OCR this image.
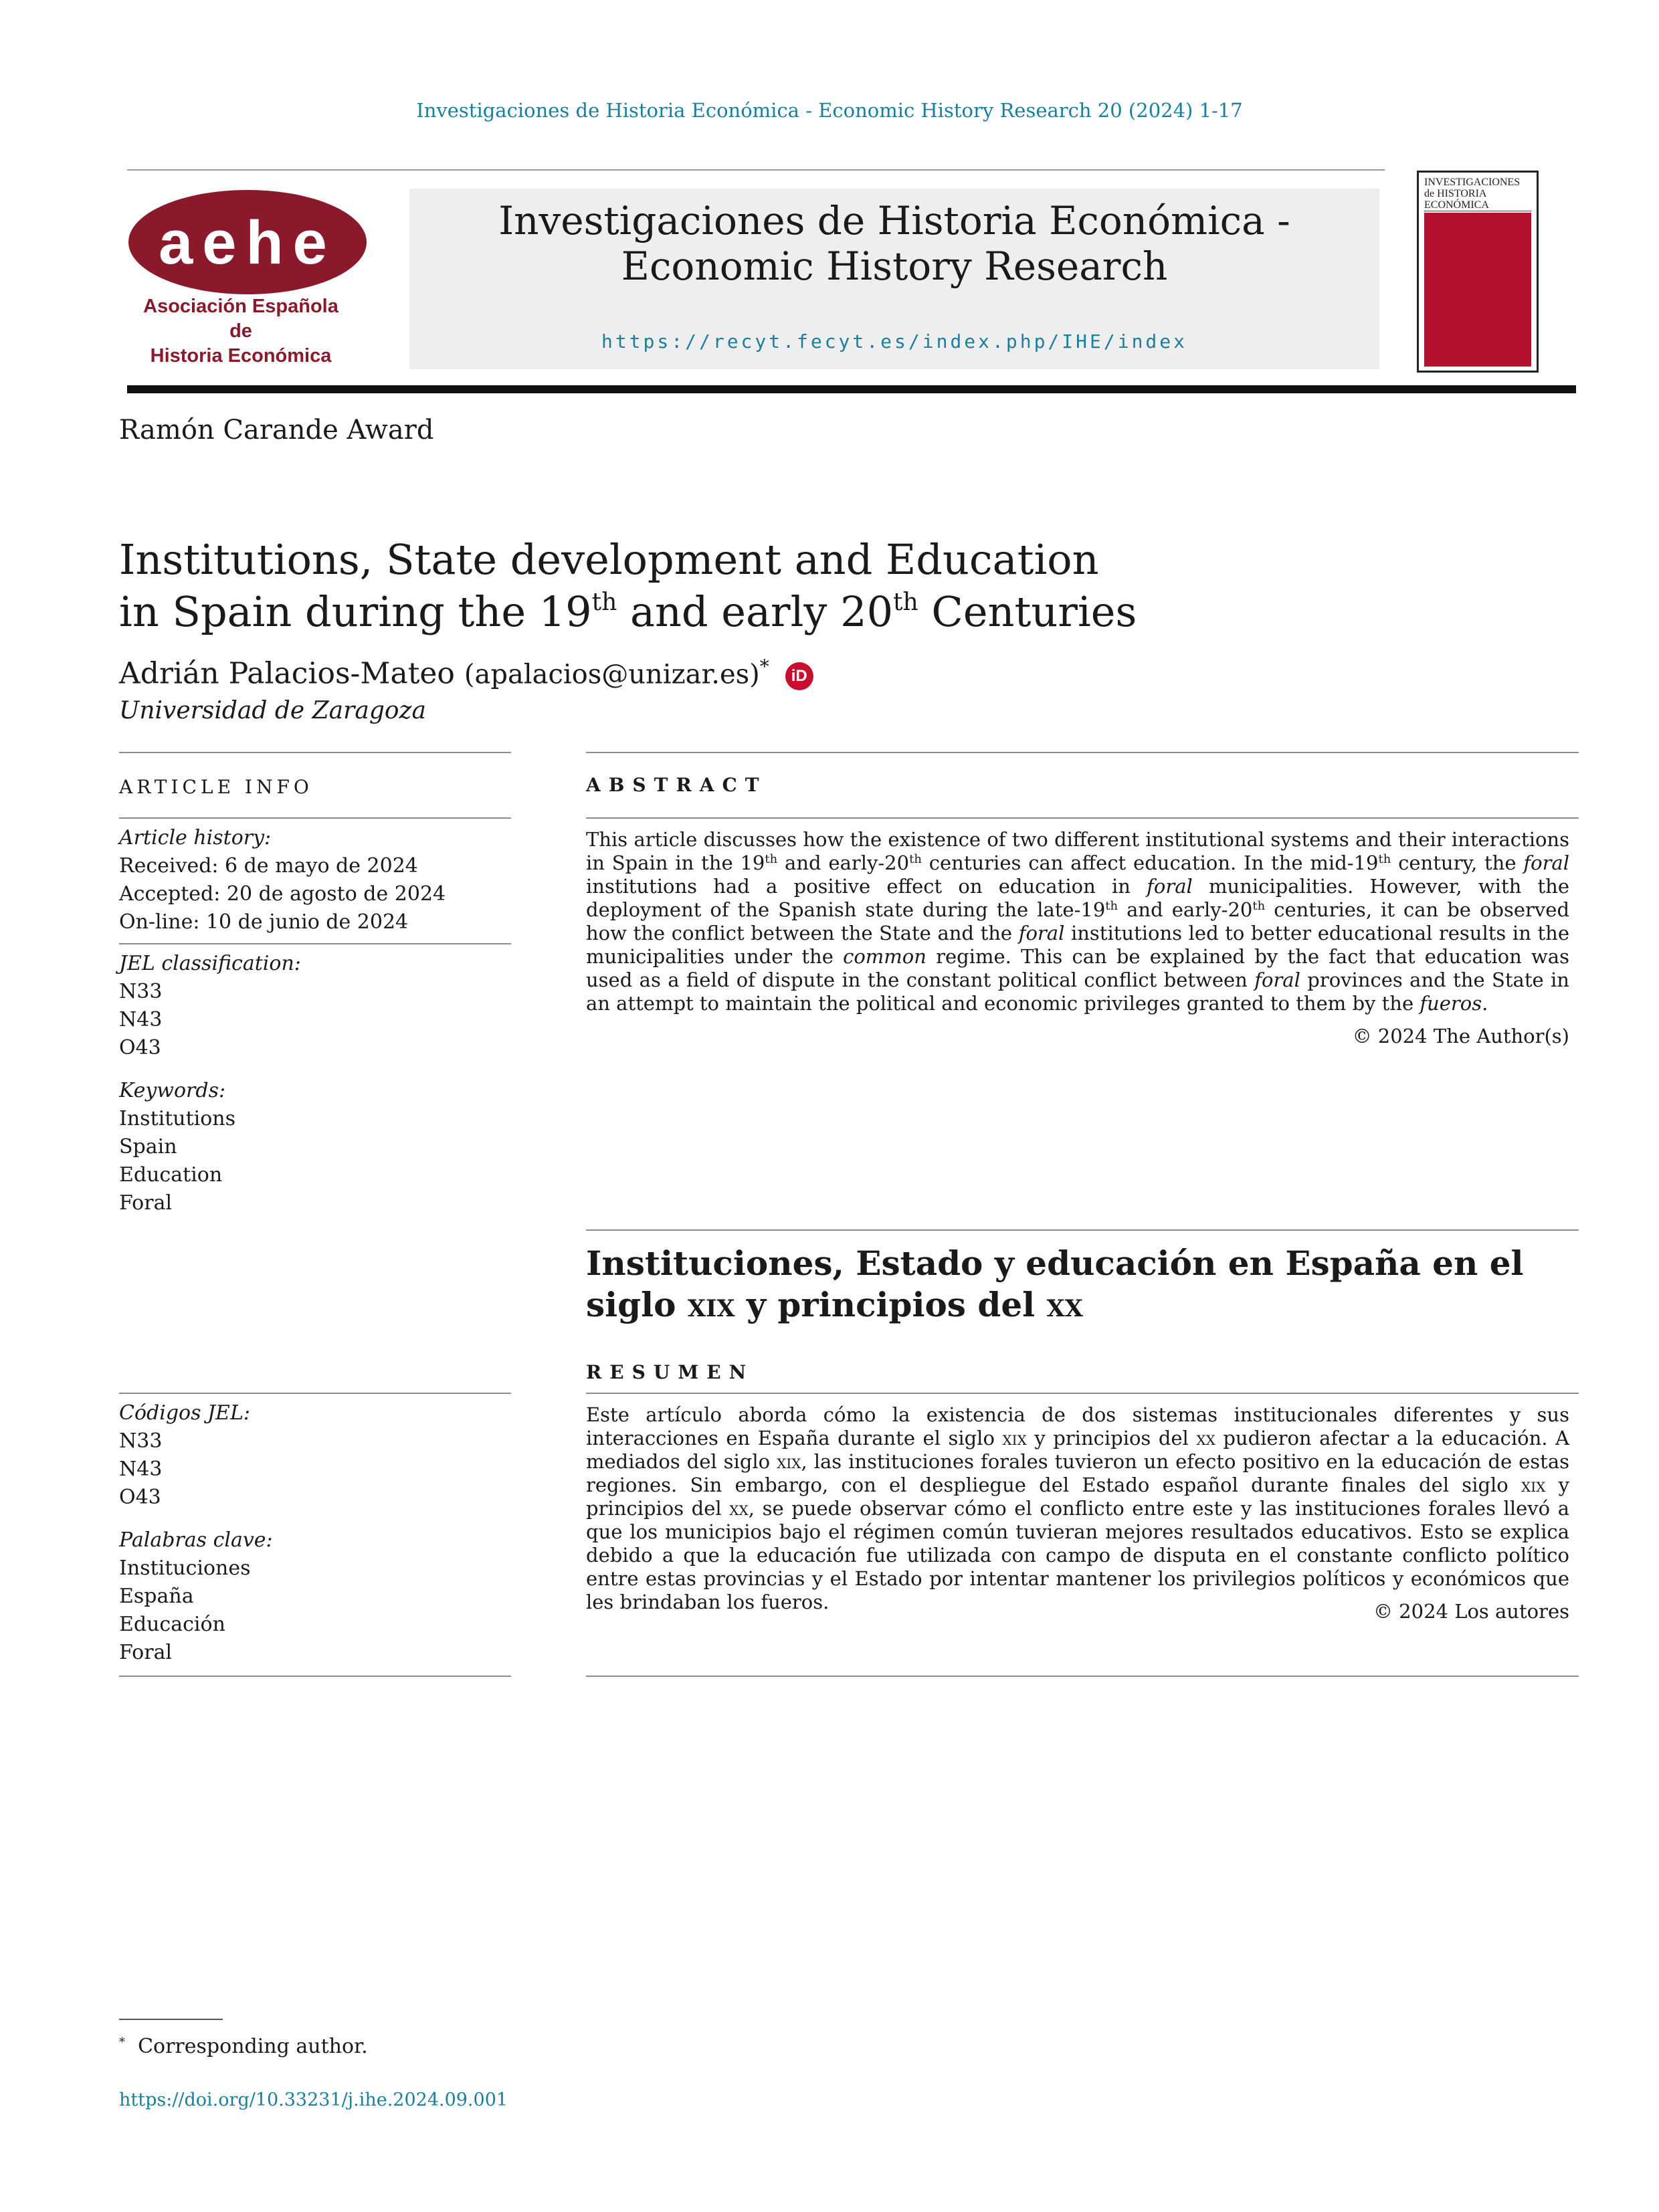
Investigaciones de Historia Económica - Economic History Research 20 (2024) 1-17
aehe
Asociación Española
de
Historia Económica
Investigaciones de Historia Económica -
Economic History Research
https://recyt.fecyt.es/index.php/IHE/index
INVESTIGACIONES
de HISTORIA ECONÓMICA
Ramón Carande Award
Institutions, State development and Education
in Spain during the 19th and early 20th Centuries
Adrián Palacios-Mateo (apalacios@unizar.es)* iD
Universidad de Zaragoza
ARTICLE INFO
Article history:
Received: 6 de mayo de 2024
Accepted: 20 de agosto de 2024
On-line: 10 de junio de 2024
JEL classification:
N33
N43
O43
Keywords:
Institutions
Spain
Education
Foral
Códigos JEL:
N33
N43
O43
Palabras clave:
Instituciones
España
Educación
Foral
ABSTRACT
This article discusses how the existence of two different institutional systems and their interactions in Spain in the 19th and early-20th centuries can affect education. In the mid-19th century, the foral institutions had a positive effect on education in foral municipalities. However, with the deployment of the Spanish state during the late-19th and early-20th centuries, it can be observed how the conflict between the State and the foral institutions led to better educational results in the municipalities under the common regime. This can be explained by the fact that education was used as a field of dispute in the constant political conflict between foral provinces and the State in an attempt to maintain the political and economic privileges granted to them by the fueros.
© 2024 The Author(s)
Instituciones, Estado y educación en España en el siglo xix y principios del xx
RESUMEN
Este artículo aborda cómo la existencia de dos sistemas institucionales diferentes y sus interacciones en España durante el siglo xix y principios del xx pudieron afectar a la educación. A mediados del siglo xix, las instituciones forales tuvieron un efecto positivo en la educación de estas regiones. Sin embargo, con el despliegue del Estado español durante finales del siglo xix y principios del xx, se puede observar cómo el conflicto entre este y las instituciones forales llevó a que los municipios bajo el régimen común tuvieran mejores resultados educativos. Esto se explica debido a que la educación fue utilizada con campo de disputa en el constante conflicto político entre estas provincias y el Estado por intentar mantener los privilegios políticos y económicos que les brindaban los fueros.	© 2024 Los autores
* Corresponding author.
https://doi.org/10.33231/j.ihe.2024.09.001
